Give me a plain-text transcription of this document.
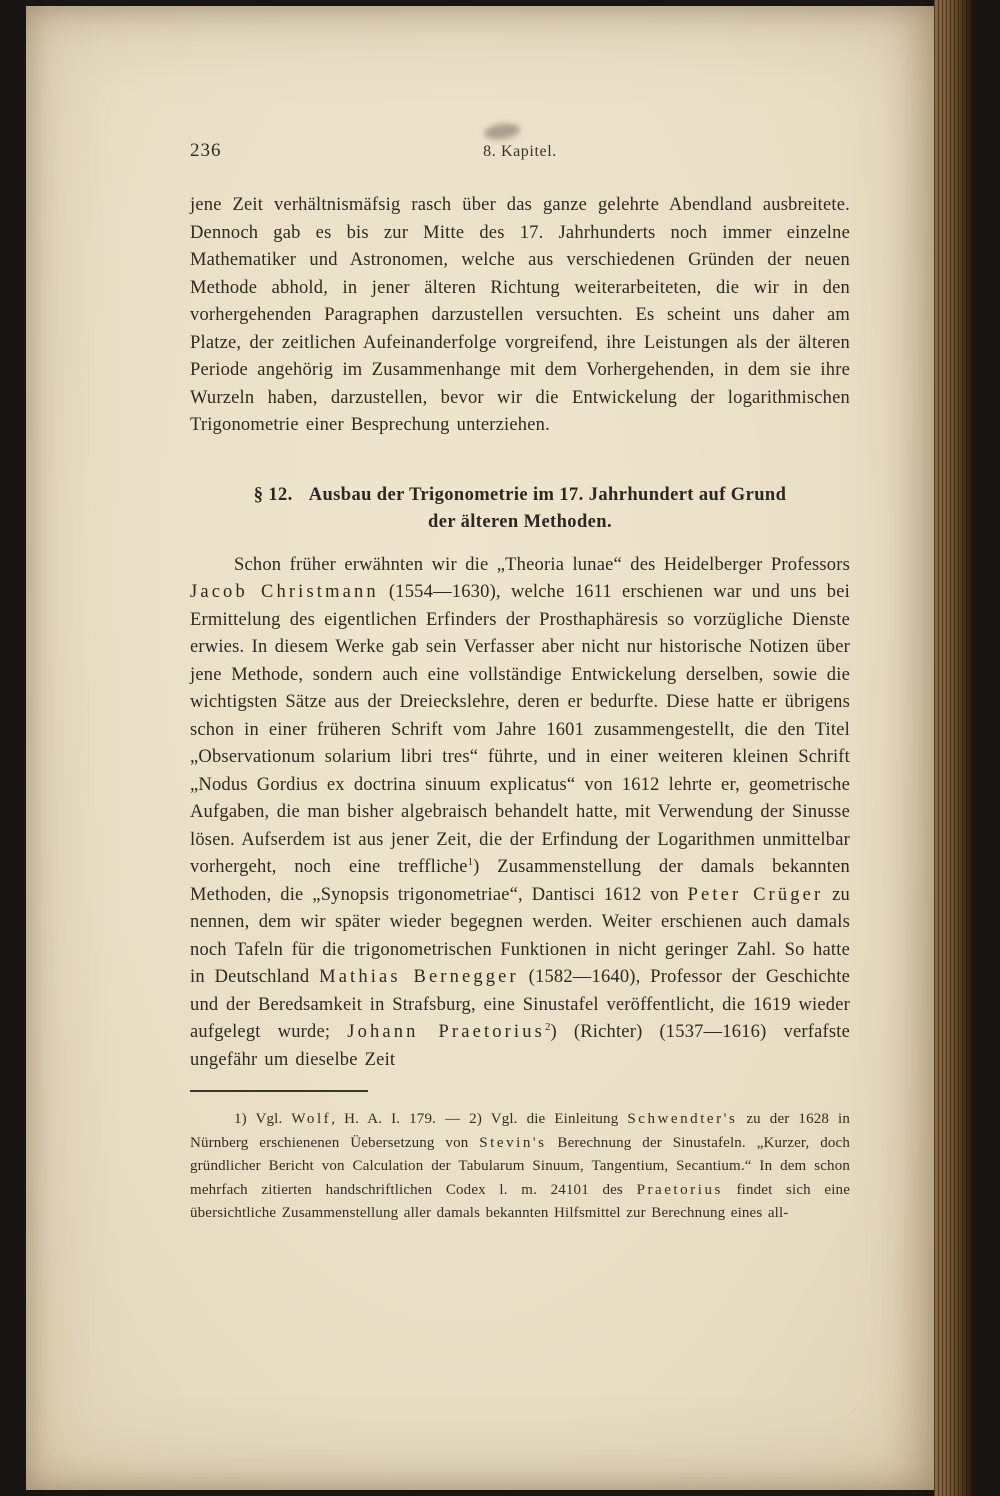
236	8. Kapitel.

jene Zeit verhältnismäfsig rasch über das ganze gelehrte Abendland ausbreitete. Dennoch gab es bis zur Mitte des 17. Jahrhunderts noch immer einzelne Mathematiker und Astronomen, welche aus verschiedenen Gründen der neuen Methode abhold, in jener älteren Richtung weiterarbeiteten, die wir in den vorhergehenden Paragraphen darzustellen versuchten. Es scheint uns daher am Platze, der zeitlichen Aufeinanderfolge vorgreifend, ihre Leistungen als der älteren Periode angehörig im Zusammenhange mit dem Vorhergehenden, in dem sie ihre Wurzeln haben, darzustellen, bevor wir die Entwickelung der logarithmischen Trigonometrie einer Besprechung unterziehen.

§ 12. Ausbau der Trigonometrie im 17. Jahrhundert auf Grund
der älteren Methoden.

Schon früher erwähnten wir die „Theoria lunae“ des Heidelberger Professors Jacob Christmann (1554—1630), welche 1611 erschienen war und uns bei Ermittelung des eigentlichen Erfinders der Prosthaphäresis so vorzügliche Dienste erwies. In diesem Werke gab sein Verfasser aber nicht nur historische Notizen über jene Methode, sondern auch eine vollständige Entwickelung derselben, sowie die wichtigsten Sätze aus der Dreieckslehre, deren er bedurfte. Diese hatte er übrigens schon in einer früheren Schrift vom Jahre 1601 zusammengestellt, die den Titel „Observationum solarium libri tres“ führte, und in einer weiteren kleinen Schrift „Nodus Gordius ex doctrina sinuum explicatus“ von 1612 lehrte er, geometrische Aufgaben, die man bisher algebraisch behandelt hatte, mit Verwendung der Sinusse lösen. Aufserdem ist aus jener Zeit, die der Erfindung der Logarithmen unmittelbar vorhergeht, noch eine treffliche$^1$) Zusammenstellung der damals bekannten Methoden, die „Synopsis trigonometriae“, Dantisci 1612 von Peter Crüger zu nennen, dem wir später wieder begegnen werden. Weiter erschienen auch damals noch Tafeln für die trigonometrischen Funktionen in nicht geringer Zahl. So hatte in Deutschland Mathias Bernegger (1582—1640), Professor der Geschichte und der Beredsamkeit in Strafsburg, eine Sinustafel veröffentlicht, die 1619 wieder aufgelegt wurde; Johann Praetorius$^2$) (Richter) (1537—1616) verfafste ungefähr um dieselbe Zeit

1) Vgl. Wolf, H. A. I. 179. — 2) Vgl. die Einleitung Schwendter's zu der 1628 in Nürnberg erschienenen Üebersetzung von Stevin's Berechnung der Sinustafeln. „Kurzer, doch gründlicher Bericht von Calculation der Tabularum Sinuum, Tangentium, Secantium.“ In dem schon mehrfach zitierten handschriftlichen Codex l. m. 24101 des Praetorius findet sich eine übersichtliche Zusammenstellung aller damals bekannten Hilfsmittel zur Berechnung eines all-
